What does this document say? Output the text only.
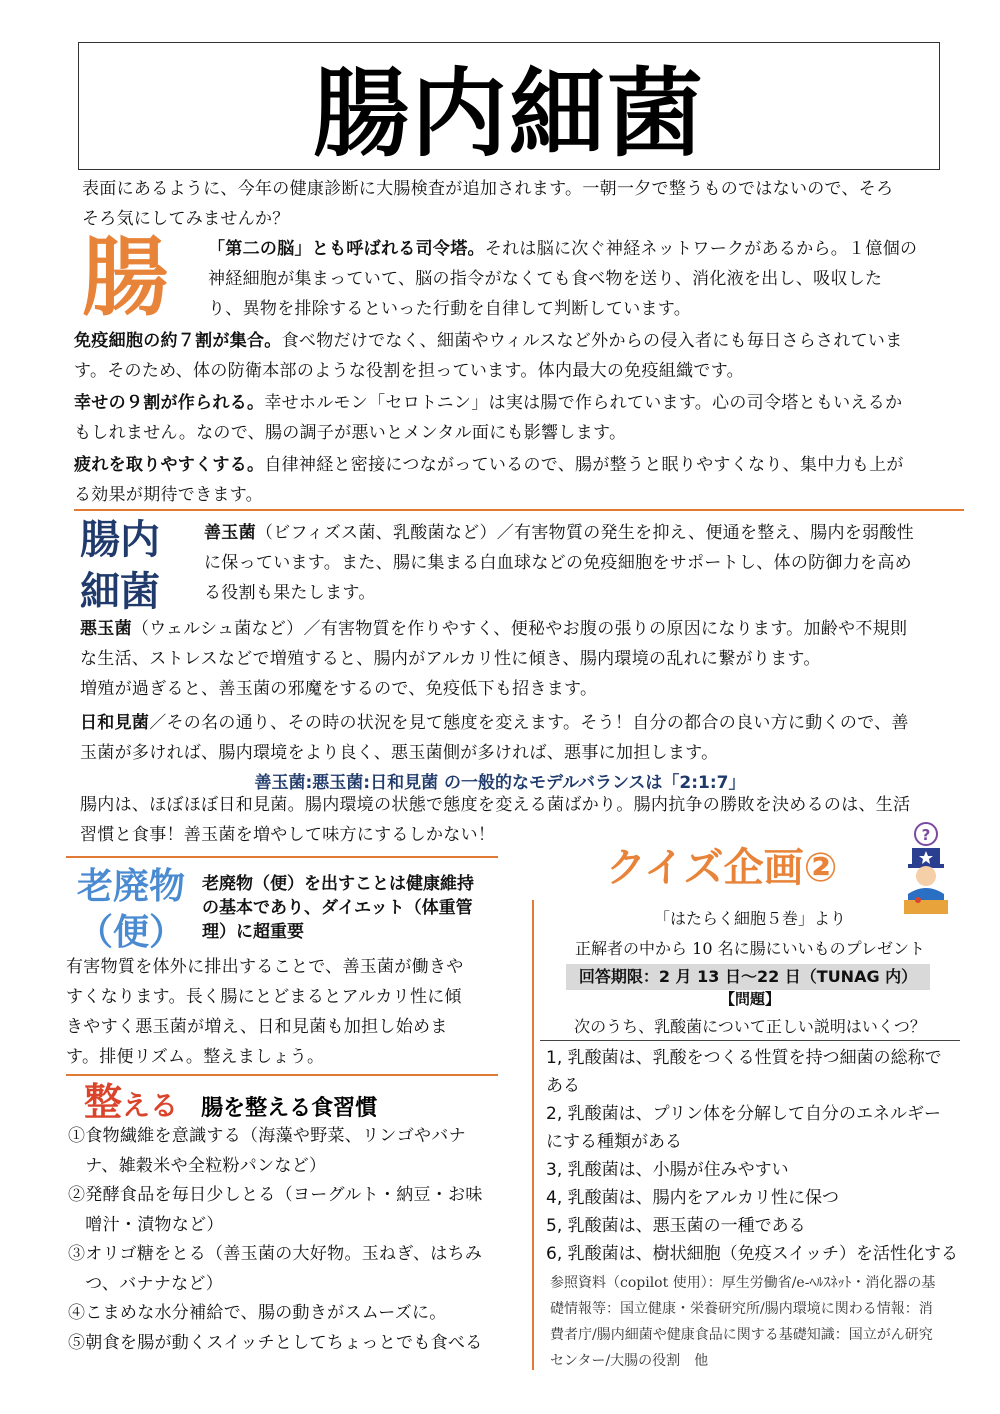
腸内細菌
表面にあるように、今年の健康診断に大腸検査が追加されます。一朝一夕で整うものではないので、そろ
そろ気にしてみませんか？
腸 「第二の脳」とも呼ばれる司令塔。それは脳に次ぐ神経ネットワークがあるから。１億個の
神経細胞が集まっていて、脳の指令がなくても食べ物を送り、消化液を出し、吸収した
り、異物を排除するといった行動を自律して判断しています。
免疫細胞の約７割が集合。食べ物だけでなく、細菌やウィルスなど外からの侵入者にも毎日さらされていま
す。そのため、体の防衛本部のような役割を担っています。体内最大の免疫組織です。
幸せの９割が作られる。幸せホルモン「セロトニン」は実は腸で作られています。心の司令塔ともいえるか
もしれません。なので、腸の調子が悪いとメンタル面にも影響します。
疲れを取りやすくする。自律神経と密接につながっているので、腸が整うと眠りやすくなり、集中力も上が
る効果が期待できます。
腸内
細菌
善玉菌（ビフィズス菌、乳酸菌など）／有害物質の発生を抑え、便通を整え、腸内を弱酸性
に保っています。また、腸に集まる白血球などの免疫細胞をサポートし、体の防御力を高め
る役割も果たします。
悪玉菌（ウェルシュ菌など）／有害物質を作りやすく、便秘やお腹の張りの原因になります。加齢や不規則
な生活、ストレスなどで増殖すると、腸内がアルカリ性に傾き、腸内環境の乱れに繋がります。
増殖が過ぎると、善玉菌の邪魔をするので、免疫低下も招きます。
日和見菌／その名の通り、その時の状況を見て態度を変えます。そう！自分の都合の良い方に動くので、善
玉菌が多ければ、腸内環境をより良く、悪玉菌側が多ければ、悪事に加担します。
善玉菌:悪玉菌:日和見菌 の一般的なモデルバランスは「2:1:7」
腸内は、ほぼほぼ日和見菌。腸内環境の状態で態度を変える菌ばかり。腸内抗争の勝敗を決めるのは、生活
習慣と食事！善玉菌を増やして味方にするしかない！
老廃物
（便）
老廃物（便）を出すことは健康維持
の基本であり、ダイエット（体重管
理）に超重要
有害物質を体外に排出することで、善玉菌が働きや
すくなります。長く腸にとどまるとアルカリ性に傾
きやすく悪玉菌が増え、日和見菌も加担し始めま
す。排便リズム。整えましょう。
整える 腸を整える食習慣
①食物繊維を意識する（海藻や野菜、リンゴやバナ
　ナ、雑穀米や全粒粉パンなど）
②発酵食品を毎日少しとる（ヨーグルト・納豆・お味
　噌汁・漬物など）
③オリゴ糖をとる（善玉菌の大好物。玉ねぎ、はちみ
　つ、バナナなど）
④こまめな水分補給で、腸の動きがスムーズに。
⑤朝食を腸が動くスイッチとしてちょっとでも食べる
クイズ企画②
?
「はたらく細胞５巻」より
正解者の中から 10 名に腸にいいものプレゼント
回答期限：2 月 13 日～22 日（TUNAG 内）
【問題】
次のうち、乳酸菌について正しい説明はいくつ？
1, 乳酸菌は、乳酸をつくる性質を持つ細菌の総称で
ある
2, 乳酸菌は、プリン体を分解して自分のエネルギー
にする種類がある
3, 乳酸菌は、小腸が住みやすい
4, 乳酸菌は、腸内をアルカリ性に保つ
5, 乳酸菌は、悪玉菌の一種である
6, 乳酸菌は、樹状細胞（免疫スイッチ）を活性化する
参照資料（copilot 使用）：厚生労働省/e-ﾍﾙｽﾈｯﾄ・消化器の基
礎情報等：国立健康・栄養研究所/腸内環境に関わる情報：消
費者庁/腸内細菌や健康食品に関する基礎知識：国立がん研究
センター/大腸の役割　他
